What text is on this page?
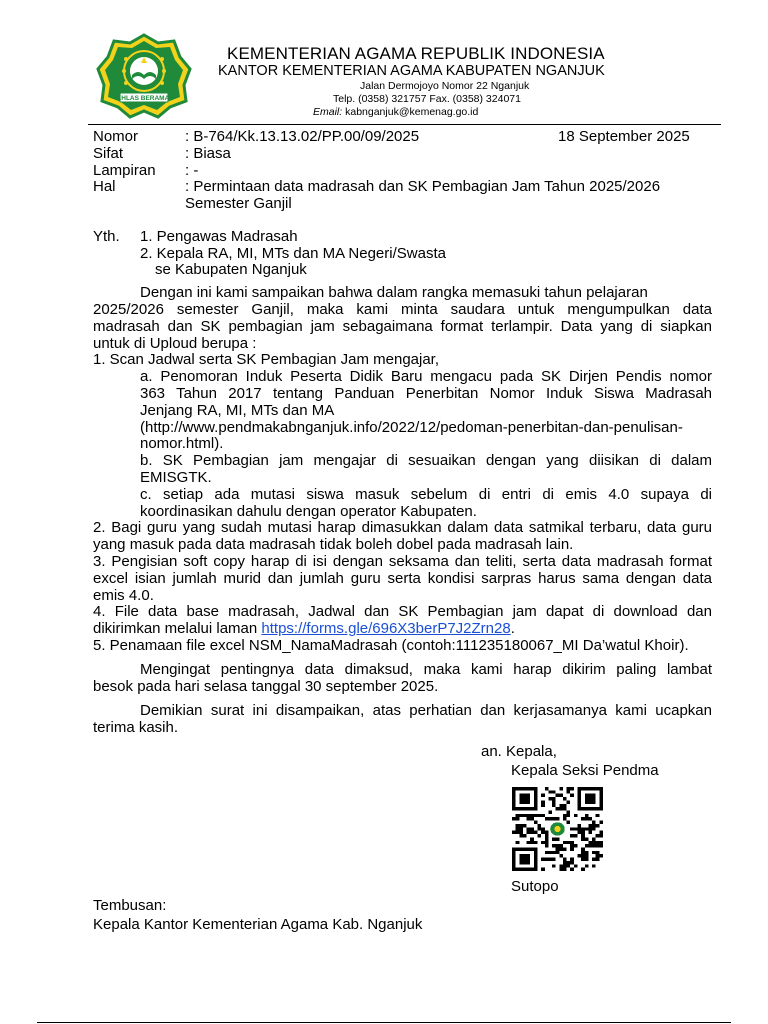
IKHLAS BERAMAL
KEMENTERIAN AGAMA REPUBLIK INDONESIA
KANTOR KEMENTERIAN AGAMA KABUPATEN NGANJUK
Jalan Dermojoyo Nomor 22 Nganjuk
Telp. (0358) 321757 Fax. (0358) 324071
Email: kabnganjuk@kemenag.go.id
Nomor	: B-764/Kk.13.13.02/PP.00/09/2025	18 September 2025
Sifat	: Biasa
Lampiran : -
Hal	: Permintaan data madrasah dan SK Pembagian Jam Tahun 2025/2026
Semester Ganjil
Yth. 1. Pengawas Madrasah
2. Kepala RA, MI, MTs dan MA Negeri/Swasta
se Kabupaten Nganjuk
Dengan ini kami sampaikan bahwa dalam rangka memasuki tahun pelajaran
2025/2026 semester Ganjil, maka kami minta saudara untuk mengumpulkan data
madrasah dan SK pembagian jam sebagaimana format terlampir. Data yang di siapkan
untuk di Uploud berupa :
1. Scan Jadwal serta SK Pembagian Jam mengajar,
a. Penomoran Induk Peserta Didik Baru mengacu pada SK Dirjen Pendis nomor
363 Tahun 2017 tentang Panduan Penerbitan Nomor Induk Siswa Madrasah
Jenjang RA, MI, MTs dan MA
(http://www.pendmakabnganjuk.info/2022/12/pedoman-penerbitan-dan-penulisan-
nomor.html).
b. SK Pembagian jam mengajar di sesuaikan dengan yang diisikan di dalam
EMISGTK.
c. setiap ada mutasi siswa masuk sebelum di entri di emis 4.0 supaya di
koordinasikan dahulu dengan operator Kabupaten.
2. Bagi guru yang sudah mutasi harap dimasukkan dalam data satmikal terbaru, data guru
yang masuk pada data madrasah tidak boleh dobel pada madrasah lain.
3. Pengisian soft copy harap di isi dengan seksama dan teliti, serta data madrasah format
excel isian jumlah murid dan jumlah guru serta kondisi sarpras harus sama dengan data
emis 4.0.
4. File data base madrasah, Jadwal dan SK Pembagian jam dapat di download dan
dikirimkan melalui laman https://forms.gle/696X3berP7J2Zrn28.
5. Penamaan file excel NSM_NamaMadrasah (contoh:111235180067_MI Da’watul Khoir).
Mengingat pentingnya data dimaksud, maka kami harap dikirim paling lambat
besok pada hari selasa tanggal 30 september 2025.
Demikian surat ini disampaikan, atas perhatian dan kerjasamanya kami ucapkan
terima kasih.
an. Kepala,
Kepala Seksi Pendma
Sutopo
Tembusan:
Kepala Kantor Kementerian Agama Kab. Nganjuk
